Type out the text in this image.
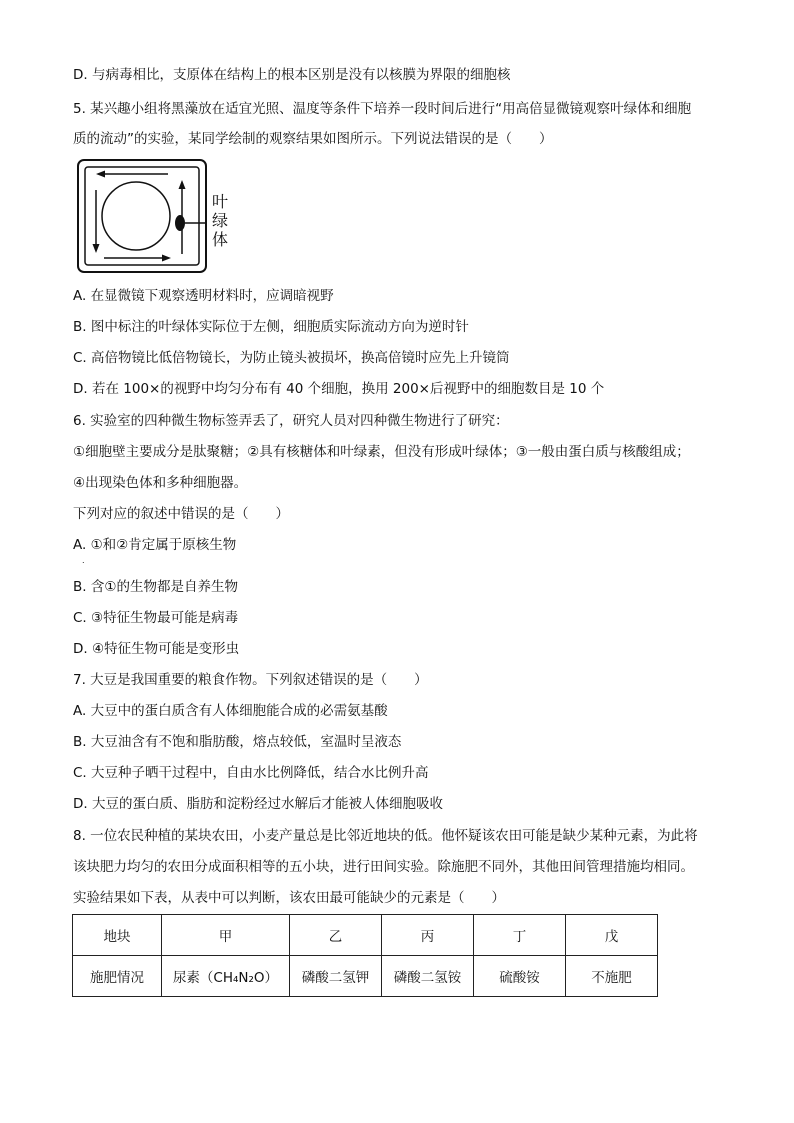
D. 与病毒相比，支原体在结构上的根本区别是没有以核膜为界限的细胞核
5. 某兴趣小组将黑藻放在适宜光照、温度等条件下培养一段时间后进行“用高倍显微镜观察叶绿体和细胞
质的流动”的实验，某同学绘制的观察结果如图所示。下列说法错误的是（　　）
叶
绿
体
A. 在显微镜下观察透明材料时，应调暗视野
B. 图中标注的叶绿体实际位于左侧，细胞质实际流动方向为逆时针
C. 高倍物镜比低倍物镜长，为防止镜头被损坏，换高倍镜时应先上升镜筒
D. 若在 100×的视野中均匀分布有 40 个细胞，换用 200×后视野中的细胞数目是 10 个
6. 实验室的四种微生物标签弄丢了，研究人员对四种微生物进行了研究：
①细胞壁主要成分是肽聚糖；②具有核糖体和叶绿素，但没有形成叶绿体；③一般由蛋白质与核酸组成；
④出现染色体和多种细胞器。
下列对应的叙述中错误的是（　　）
A. ①和②肯定属于原核生物
.
B. 含①的生物都是自养生物
C. ③特征生物最可能是病毒
D. ④特征生物可能是变形虫
7. 大豆是我国重要的粮食作物。下列叙述错误的是（　　）
A. 大豆中的蛋白质含有人体细胞能合成的必需氨基酸
B. 大豆油含有不饱和脂肪酸，熔点较低，室温时呈液态
C. 大豆种子晒干过程中，自由水比例降低，结合水比例升高
D. 大豆的蛋白质、脂肪和淀粉经过水解后才能被人体细胞吸收
8. 一位农民种植的某块农田，小麦产量总是比邻近地块的低。他怀疑该农田可能是缺少某种元素，为此将
该块肥力均匀的农田分成面积相等的五小块，进行田间实验。除施肥不同外，其他田间管理措施均相同。
实验结果如下表，从表中可以判断，该农田最可能缺少的元素是（　　）
地块	甲	乙	丙	丁	戊
施肥情况	尿素（CH₄N₂O）	磷酸二氢钾	磷酸二氢铵	硫酸铵	不施肥
